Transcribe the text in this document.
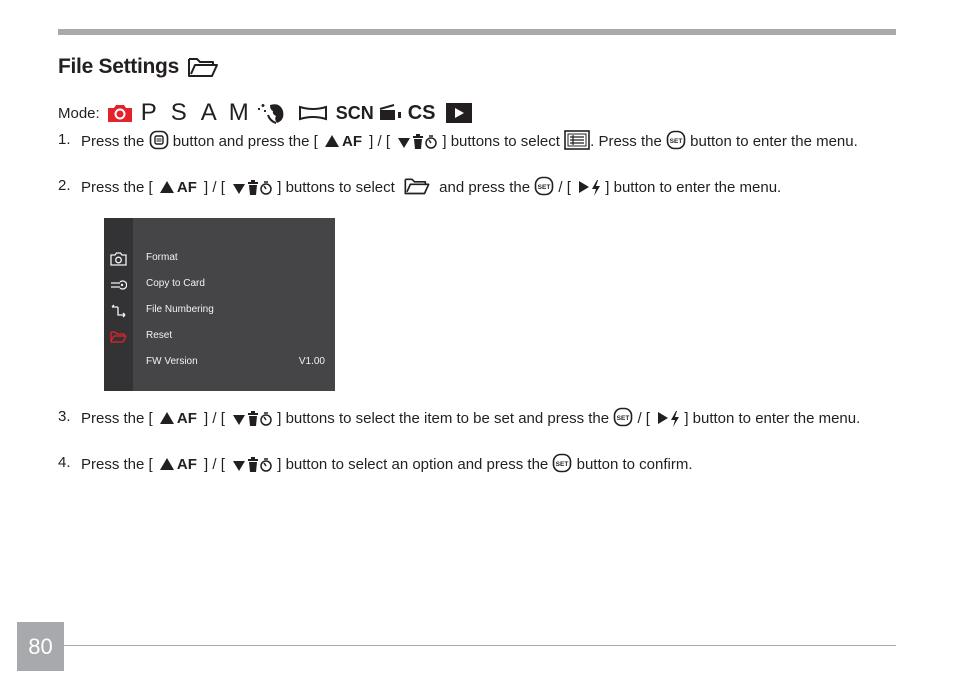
File Settings
Mode: P S A M	SCN CS
1. Press the button and press the [ AF ] / [	] buttons to select . Press the SET button to enter the menu.
2. Press the [ AF ] / [	] buttons to select	and press the SET / [ ] button to enter the menu.
Format
Copy to Card
File Numbering
Reset
FW Version	V1.00
3. Press the [ AF ] / [	] buttons to select the item to be set and press the SET / [ ] button to enter the menu.
4. Press the [ AF ] / [	] button to select an option and press the SET button to confirm.
80
